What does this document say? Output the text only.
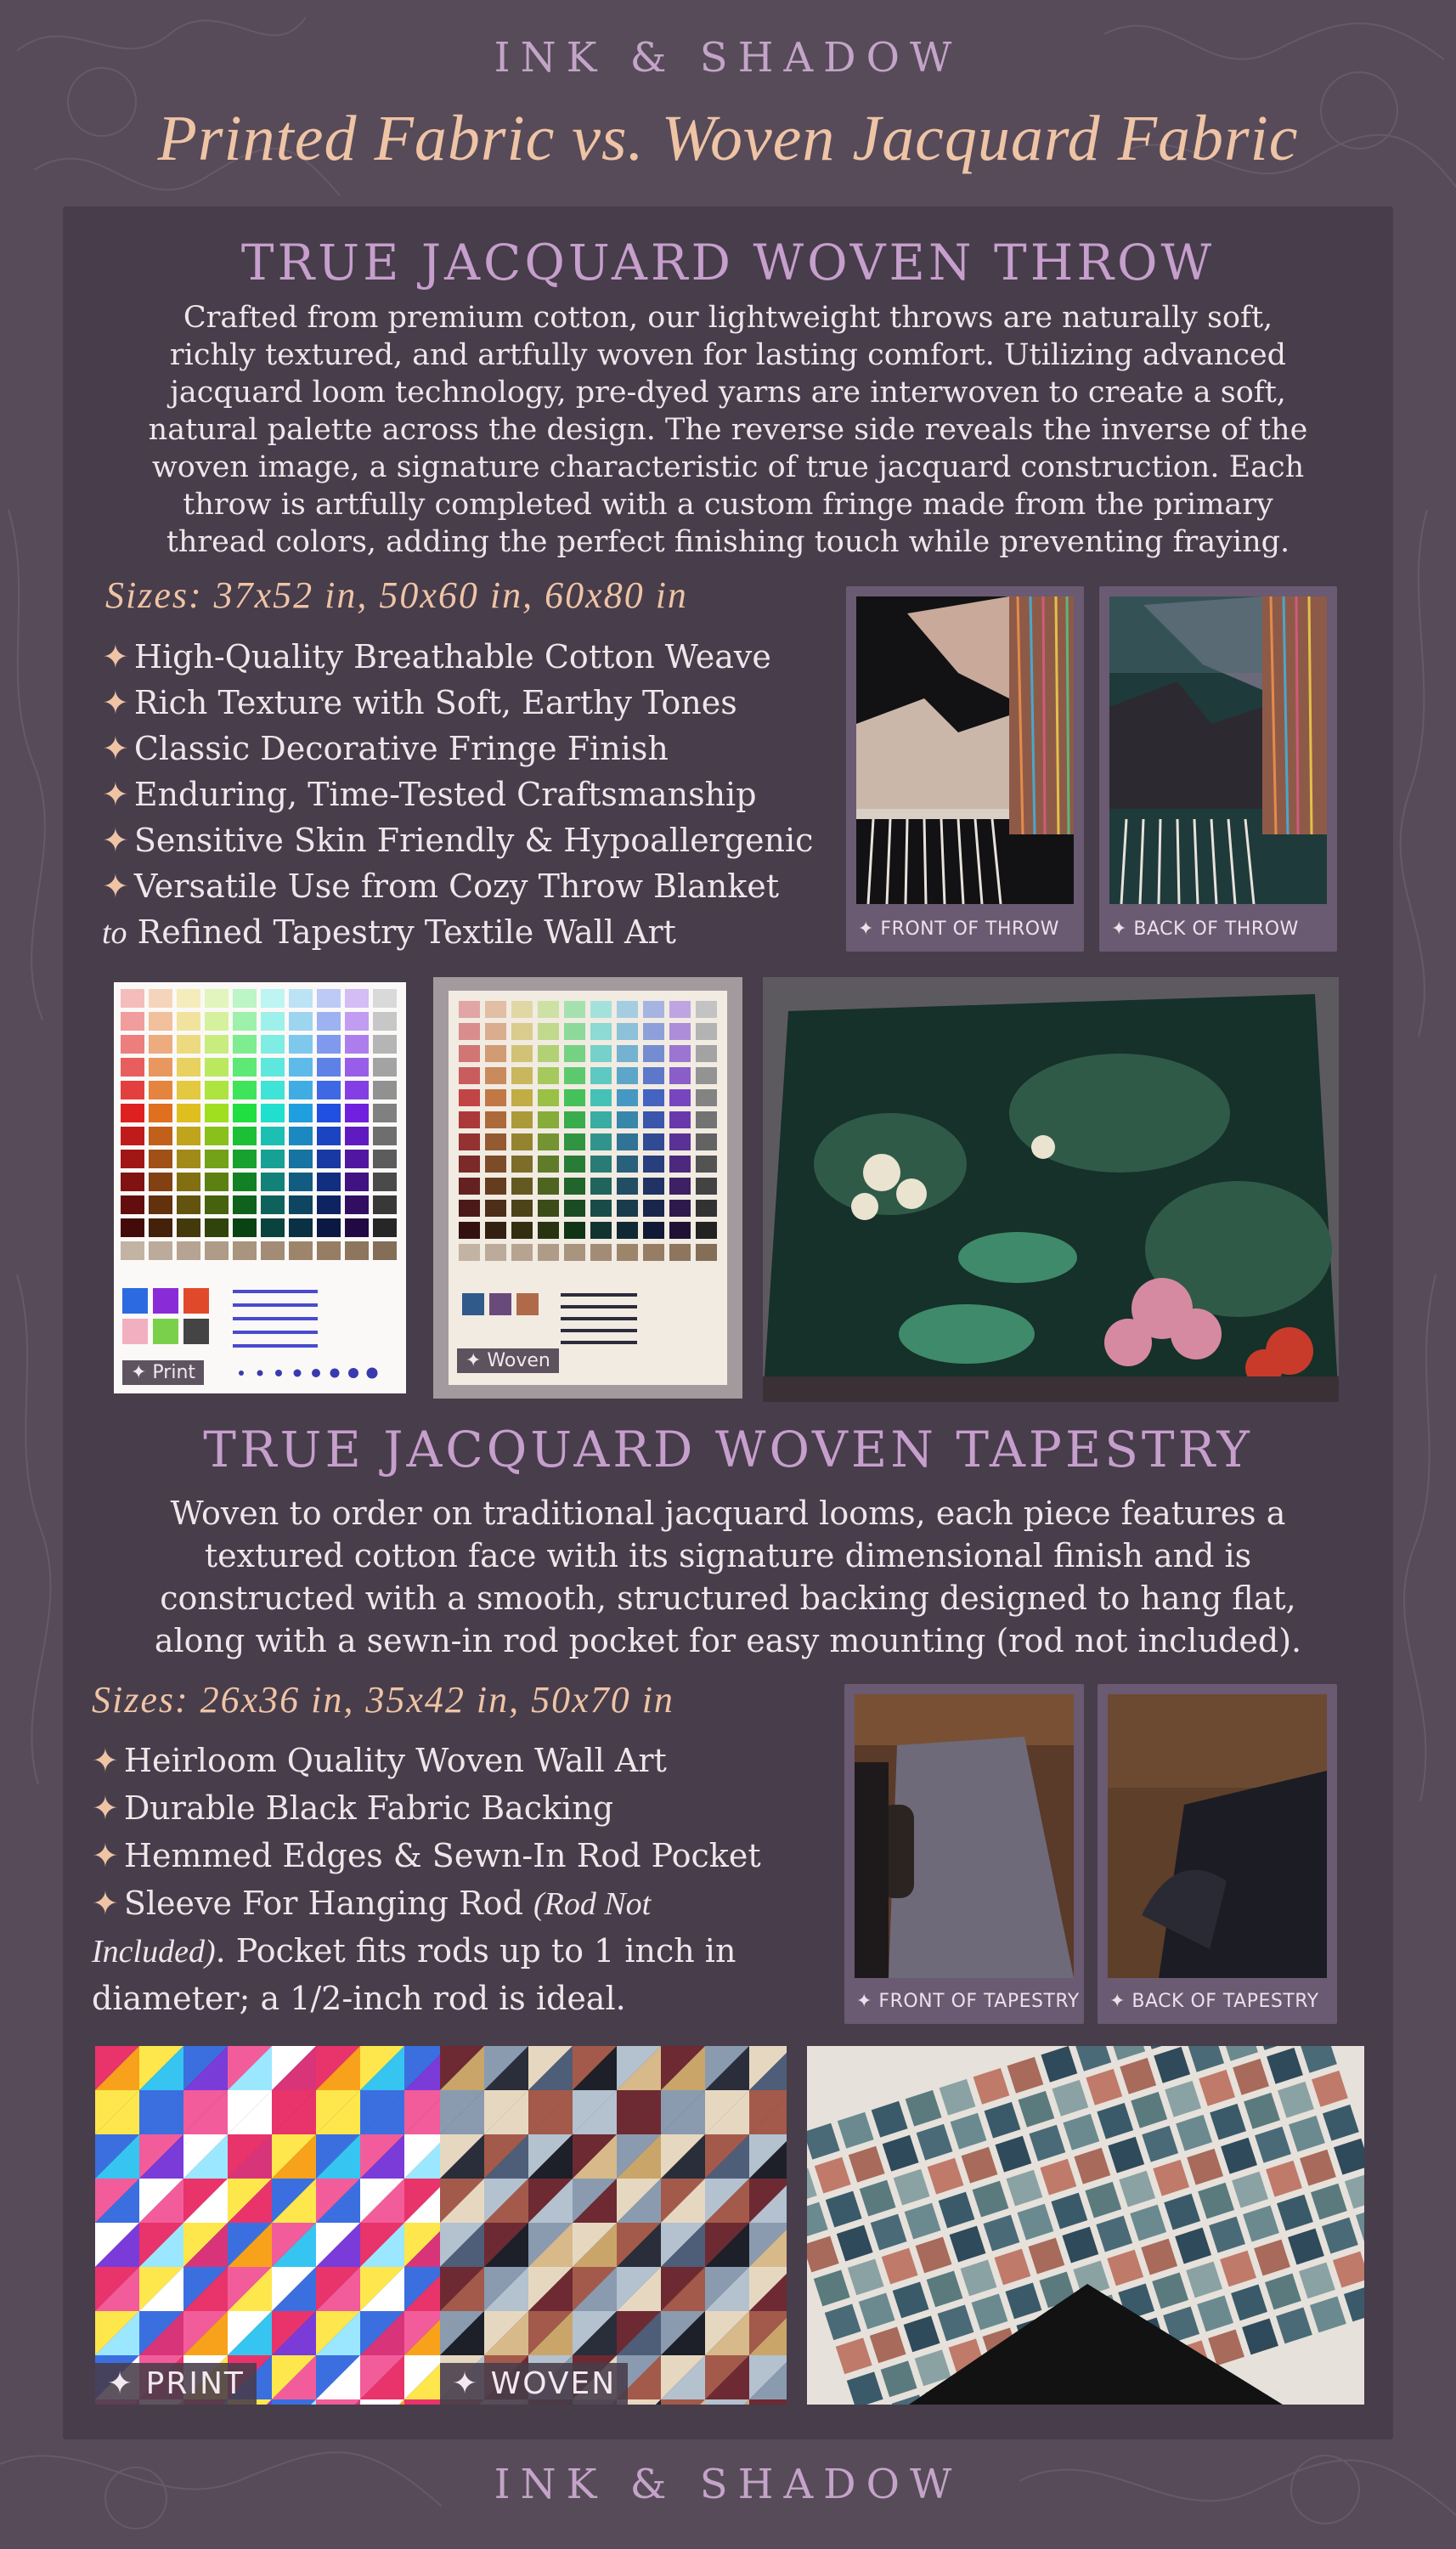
INK & SHADOW
Printed Fabric vs. Woven Jacquard Fabric
TRUE JACQUARD WOVEN THROW
Crafted from premium cotton, our lightweight throws are naturally soft,
richly textured, and artfully woven for lasting comfort. Utilizing advanced
jacquard loom technology, pre-dyed yarns are interwoven to create a soft,
natural palette across the design. The reverse side reveals the inverse of the
woven image, a signature characteristic of true jacquard construction. Each
throw is artfully completed with a custom fringe made from the primary
thread colors, adding the perfect finishing touch while preventing fraying.
Sizes: 37x52 in, 50x60 in, 60x80 in
✦ High-Quality Breathable Cotton Weave
✦ Rich Texture with Soft, Earthy Tones
✦ Classic Decorative Fringe Finish
✦ Enduring, Time-Tested Craftsmanship
✦ Sensitive Skin Friendly & Hypoallergenic
✦ Versatile Use from Cozy Throw Blanket
to Refined Tapestry Textile Wall Art	✦ FRONT OF THROW	✦ BACK OF THROW
✦ Print
✦ Woven
TRUE JACQUARD WOVEN TAPESTRY
Woven to order on traditional jacquard looms, each piece features a
textured cotton face with its signature dimensional finish and is
constructed with a smooth, structured backing designed to hang flat,
along with a sewn-in rod pocket for easy mounting (rod not included).
Sizes: 26x36 in, 35x42 in, 50x70 in
✦ Heirloom Quality Woven Wall Art
✦ Durable Black Fabric Backing
✦ Hemmed Edges & Sewn-In Rod Pocket
✦ Sleeve For Hanging Rod (Rod Not
Included). Pocket fits rods up to 1 inch in
diameter; a 1/2-inch rod is ideal.	✦ FRONT OF TAPESTRY	✦ BACK OF TAPESTRY
✦ PRINT	✦ WOVEN
INK & SHADOW
